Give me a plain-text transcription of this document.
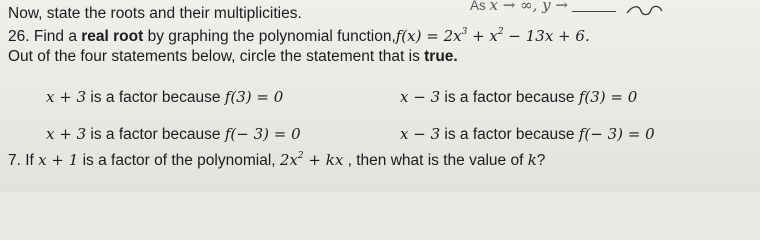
Now, state the roots and their multiplicities.	As x → ∞, y →
26. Find a real root by graphing the polynomial function,f(x) = $2x^3 + x^2 - 13x + 6$.
Out of the four statements below, circle the statement that is true.
x + 3 is a factor because f(3) = 0	x − 3 is a factor because f(3) = 0
x + 3 is a factor because f(− 3) = 0	x − 3 is a factor because f(− 3) = 0
7. If x + 1 is a factor of the polynomial, $2x^2$ + kx , then what is the value of k?
